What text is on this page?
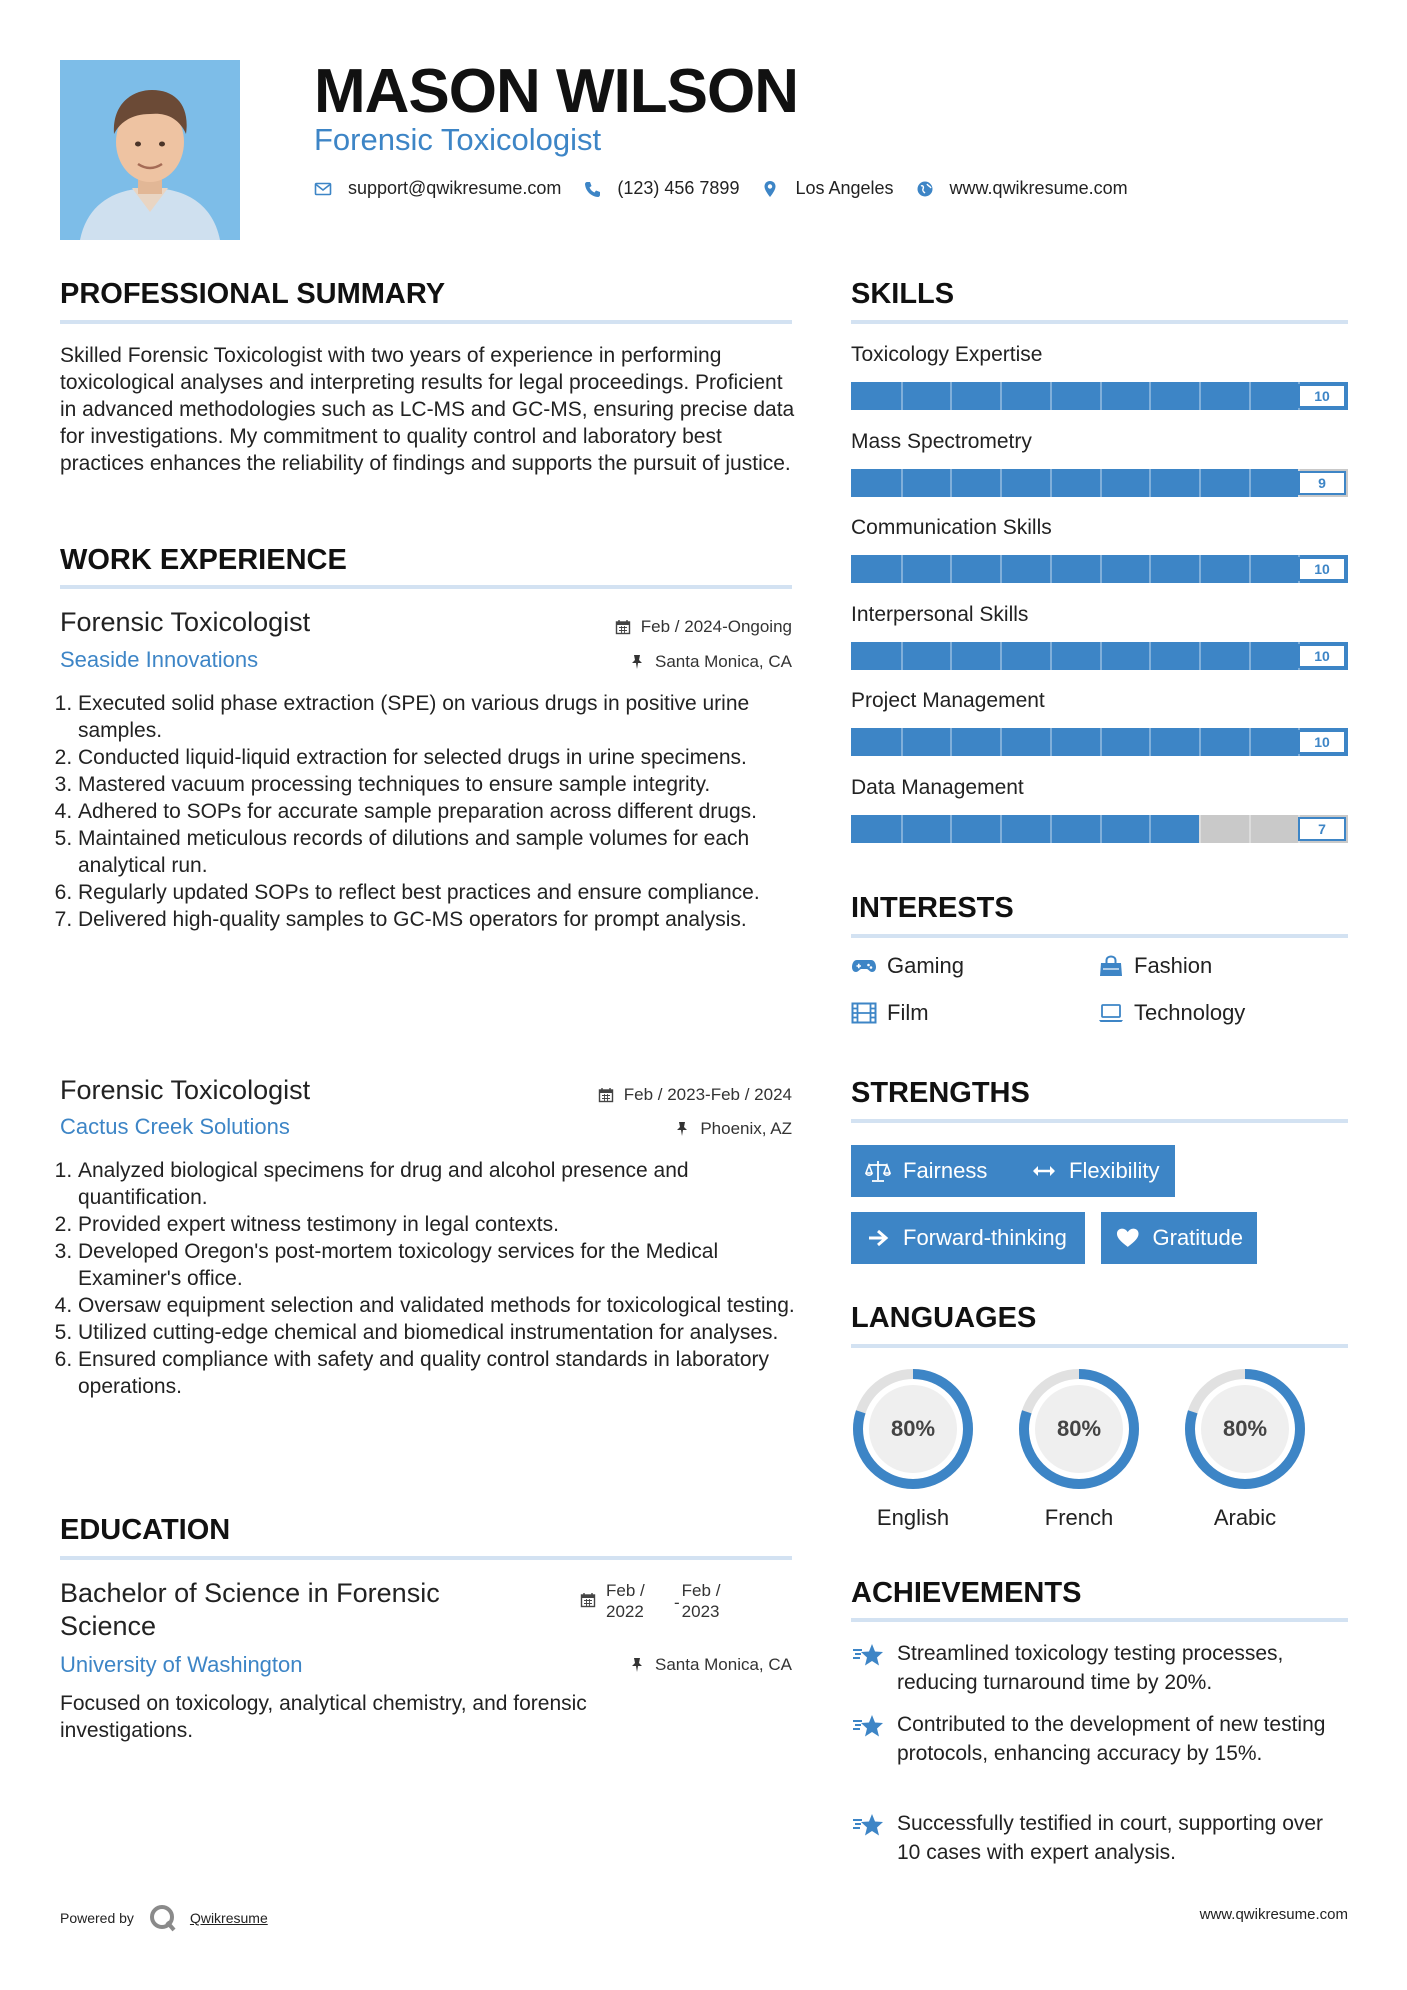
MASON WILSON
Forensic Toxicologist
support@qwikresume.com	(123) 456 7899	Los Angeles	www.qwikresume.com
PROFESSIONAL SUMMARY
Skilled Forensic Toxicologist with two years of experience in performing toxicological analyses and interpreting results for legal proceedings. Proficient in advanced methodologies such as LC-MS and GC-MS, ensuring precise data for investigations. My commitment to quality control and laboratory best practices enhances the reliability of findings and supports the pursuit of justice.
WORK EXPERIENCE
Forensic Toxicologist	Feb / 2024-Ongoing
Seaside Innovations	Santa Monica, CA
1. Executed solid phase extraction (SPE) on various drugs in positive urine samples.
2. Conducted liquid-liquid extraction for selected drugs in urine specimens.
3. Mastered vacuum processing techniques to ensure sample integrity.
4. Adhered to SOPs for accurate sample preparation across different drugs.
5. Maintained meticulous records of dilutions and sample volumes for each analytical run.
6. Regularly updated SOPs to reflect best practices and ensure compliance.
7. Delivered high-quality samples to GC-MS operators for prompt analysis.
Forensic Toxicologist	Feb / 2023-Feb / 2024
Cactus Creek Solutions	Phoenix, AZ
1. Analyzed biological specimens for drug and alcohol presence and quantification.
2. Provided expert witness testimony in legal contexts.
3. Developed Oregon's post-mortem toxicology services for the Medical Examiner's office.
4. Oversaw equipment selection and validated methods for toxicological testing.
5. Utilized cutting-edge chemical and biomedical instrumentation for analyses.
6. Ensured compliance with safety and quality control standards in laboratory operations.
EDUCATION
Bachelor of Science in Forensic Science
Feb / 2022	-
Feb / 2023
University of Washington	Santa Monica, CA
Focused on toxicology, analytical chemistry, and forensic investigations.
SKILLS
Toxicology Expertise
10
Mass Spectrometry
9
Communication Skills
10
Interpersonal Skills
10
Project Management
10
Data Management
7
INTERESTS
Gaming	Fashion
Film	Technology
STRENGTHS
Fairness	Flexibility
Forward-thinking	Gratitude
LANGUAGES
80%
English
80%
French
80%
Arabic
ACHIEVEMENTS
Streamlined toxicology testing processes, reducing turnaround time by 20%.
Contributed to the development of new testing protocols, enhancing accuracy by 15%.
Successfully testified in court, supporting over 10 cases with expert analysis.
Powered by	Qwikresume	www.qwikresume.com
